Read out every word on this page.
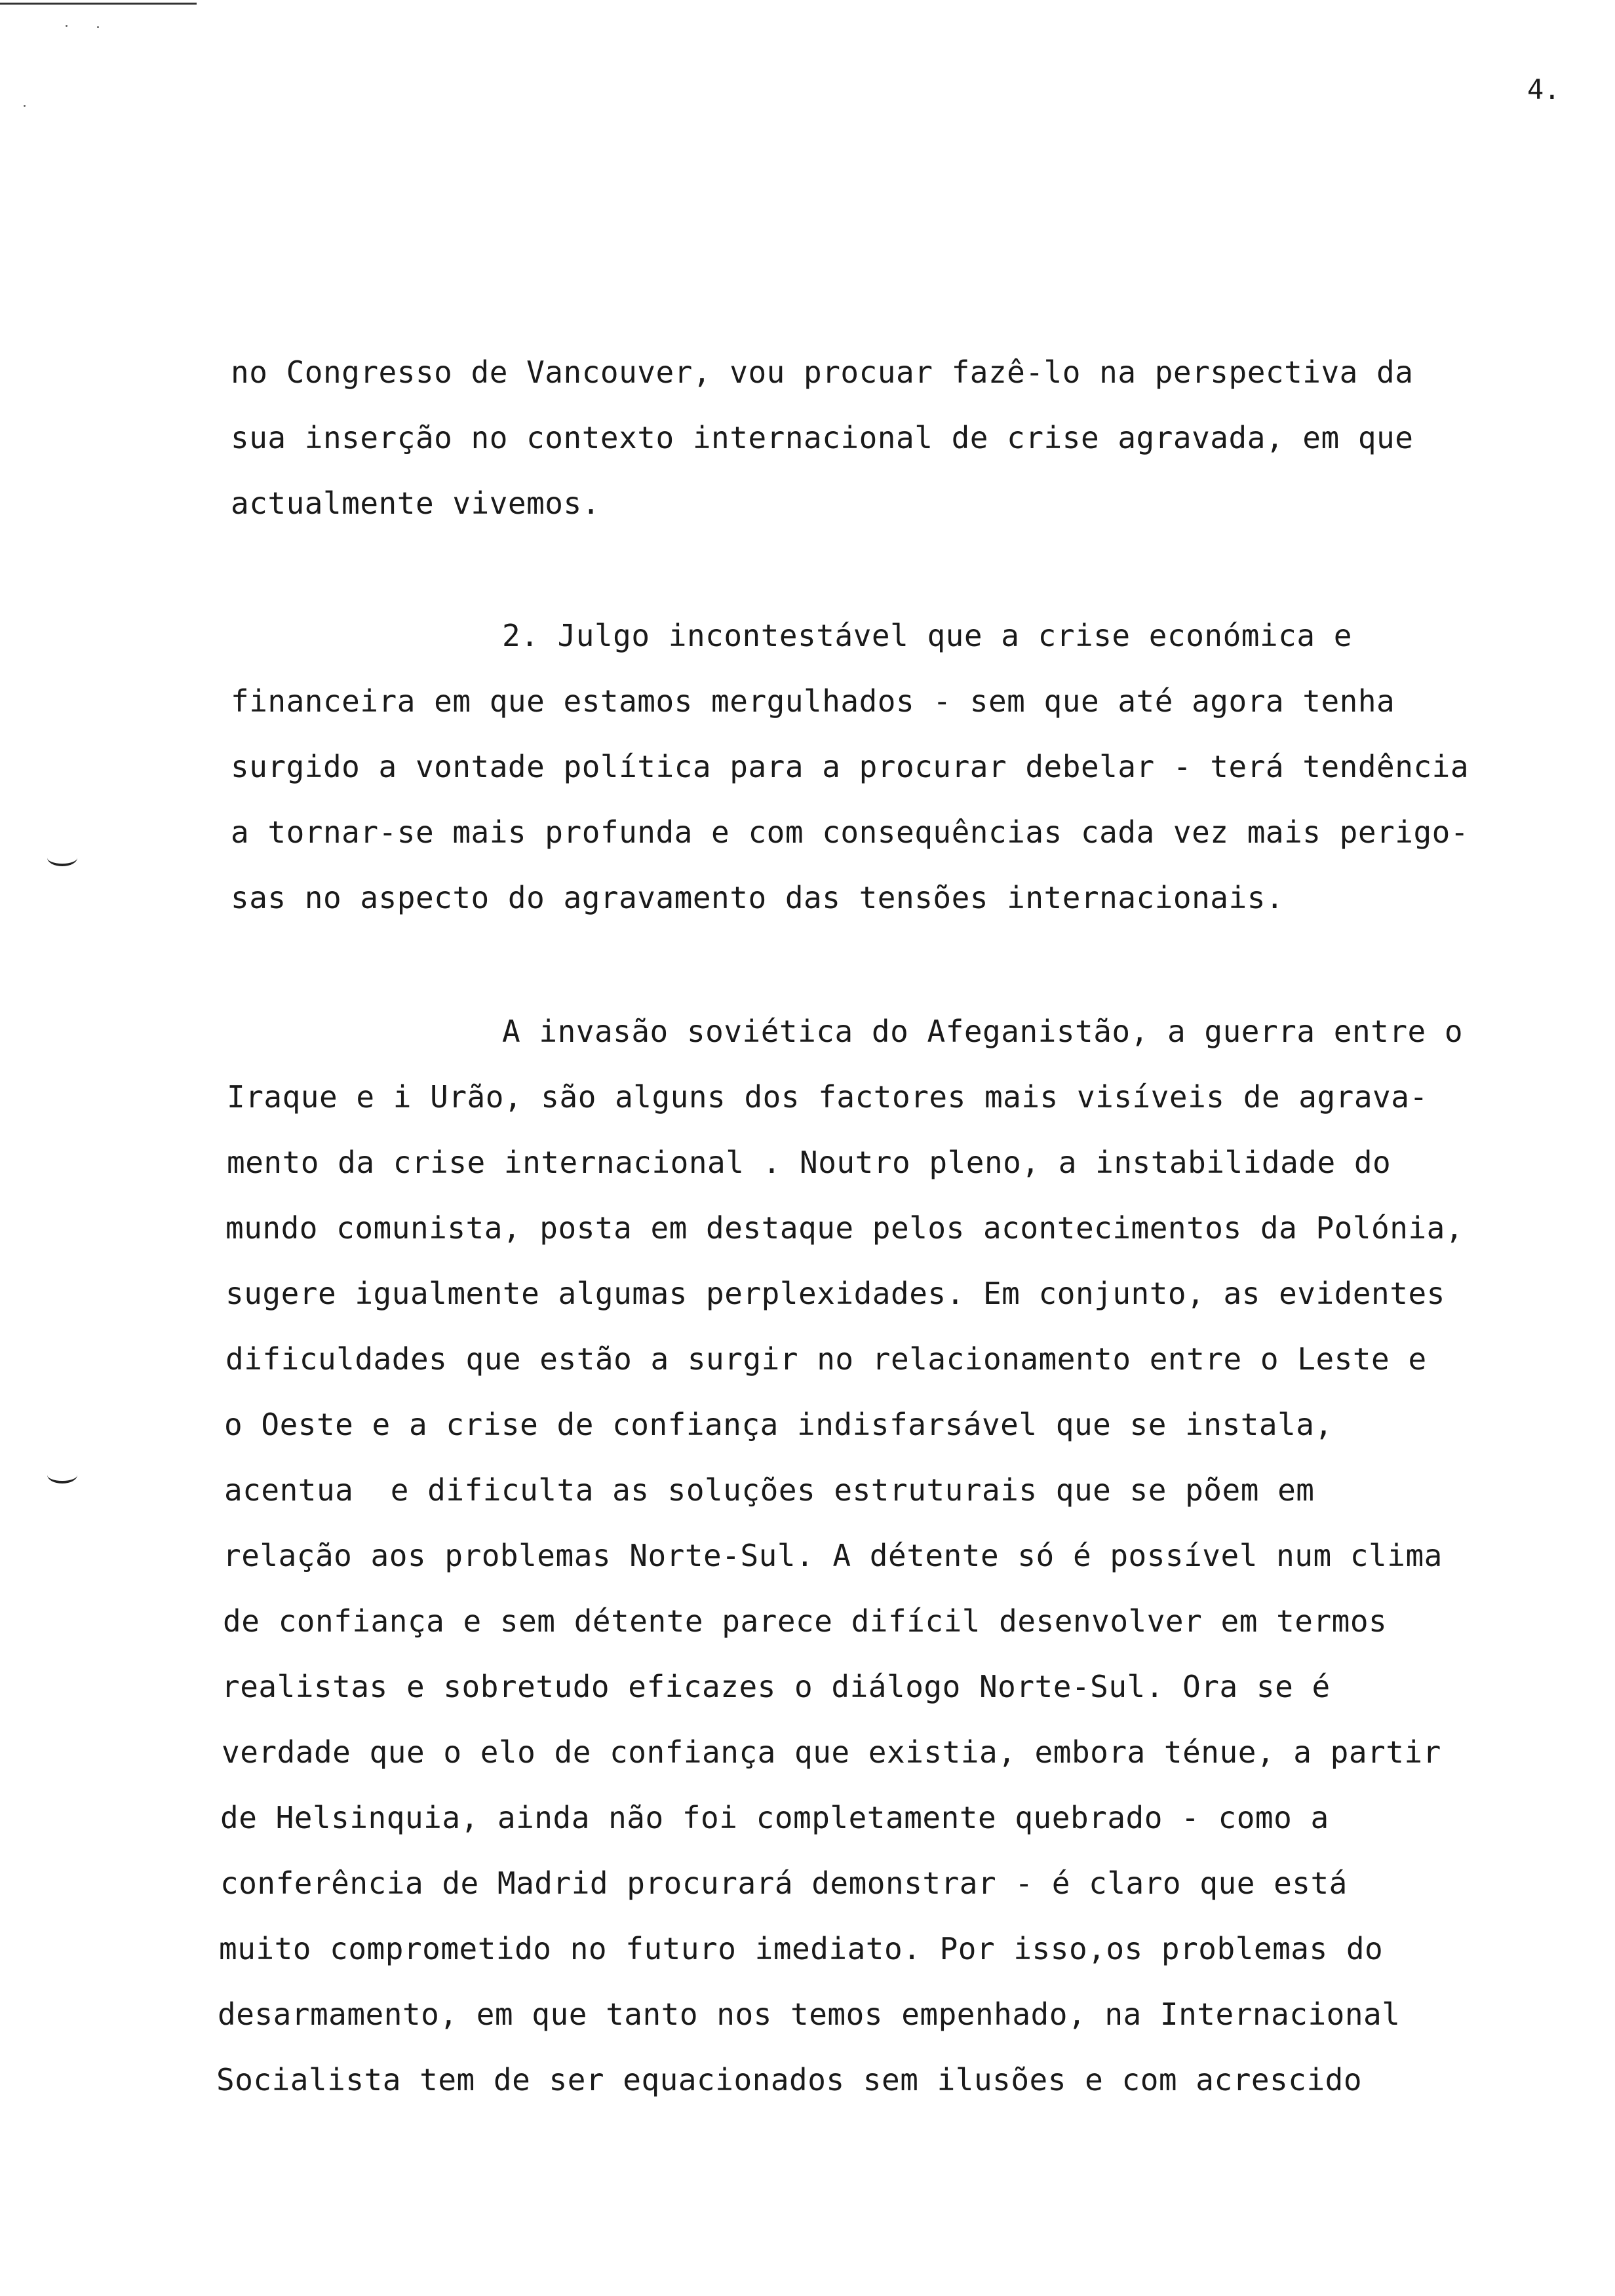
4.
no Congresso de Vancouver, vou procuar fazê-lo na perspectiva da
sua inserção no contexto internacional de crise agravada, em que
actualmente vivemos.
2. Julgo incontestável que a crise económica e
financeira em que estamos mergulhados - sem que até agora tenha
surgido a vontade política para a procurar debelar - terá tendência
a tornar-se mais profunda e com consequências cada vez mais perigo-
sas no aspecto do agravamento das tensões internacionais.
A invasão soviética do Afeganistão, a guerra entre o
Iraque e i Urão, são alguns dos factores mais visíveis de agrava-
mento da crise internacional . Noutro pleno, a instabilidade do
mundo comunista, posta em destaque pelos acontecimentos da Polónia,
sugere igualmente algumas perplexidades. Em conjunto, as evidentes
dificuldades que estão a surgir no relacionamento entre o Leste e
o Oeste e a crise de confiança indisfarsável que se instala,
acentua  e dificulta as soluções estruturais que se põem em
relação aos problemas Norte-Sul. A détente só é possível num clima
de confiança e sem détente parece difícil desenvolver em termos
realistas e sobretudo eficazes o diálogo Norte-Sul. Ora se é
verdade que o elo de confiança que existia, embora ténue, a partir
de Helsinquia, ainda não foi completamente quebrado - como a
conferência de Madrid procurará demonstrar - é claro que está
muito comprometido no futuro imediato. Por isso,os problemas do
desarmamento, em que tanto nos temos empenhado, na Internacional
Socialista tem de ser equacionados sem ilusões e com acrescido
